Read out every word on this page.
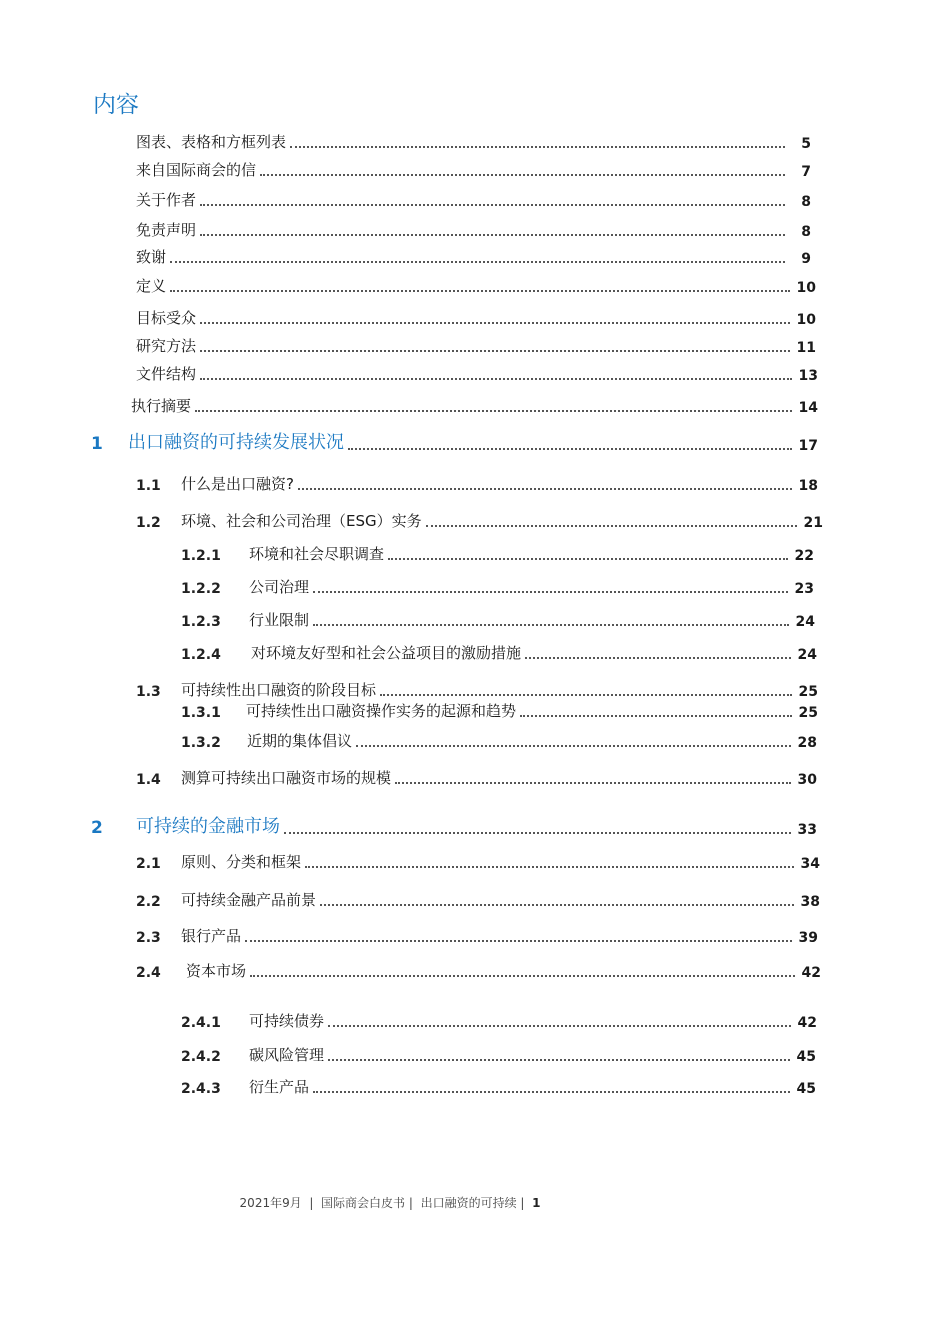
内容
图表、表格和方框列表	5
来自国际商会的信	7
关于作者	8
免责声明	8
致谢	9
定义	10
目标受众	10
研究方法	11
文件结构	13
执行摘要	14
1 出口融资的可持续发展状况	17
1.1 什么是出口融资?	18
1.2 环境、社会和公司治理（ESG）实务	21
1.2.1 环境和社会尽职调查	22
1.2.2 公司治理	23
1.2.3 行业限制	24
1.2.4 对环境友好型和社会公益项目的激励措施	24
1.3 可持续性出口融资的阶段目标	25
1.3.1 可持续性出口融资操作实务的起源和趋势	25
1.3.2 近期的集体倡议	28
1.4 测算可持续出口融资市场的规模	30
2 可持续的金融市场	33
2.1 原则、分类和框架	34
2.2 可持续金融产品前景	38
2.3 银行产品	39
2.4 资本市场	42
2.4.1 可持续债券	42
2.4.2 碳风险管理	45
2.4.3 衍生产品	45
2021年9月  |  国际商会白皮书 |  出口融资的可持续 |  1
